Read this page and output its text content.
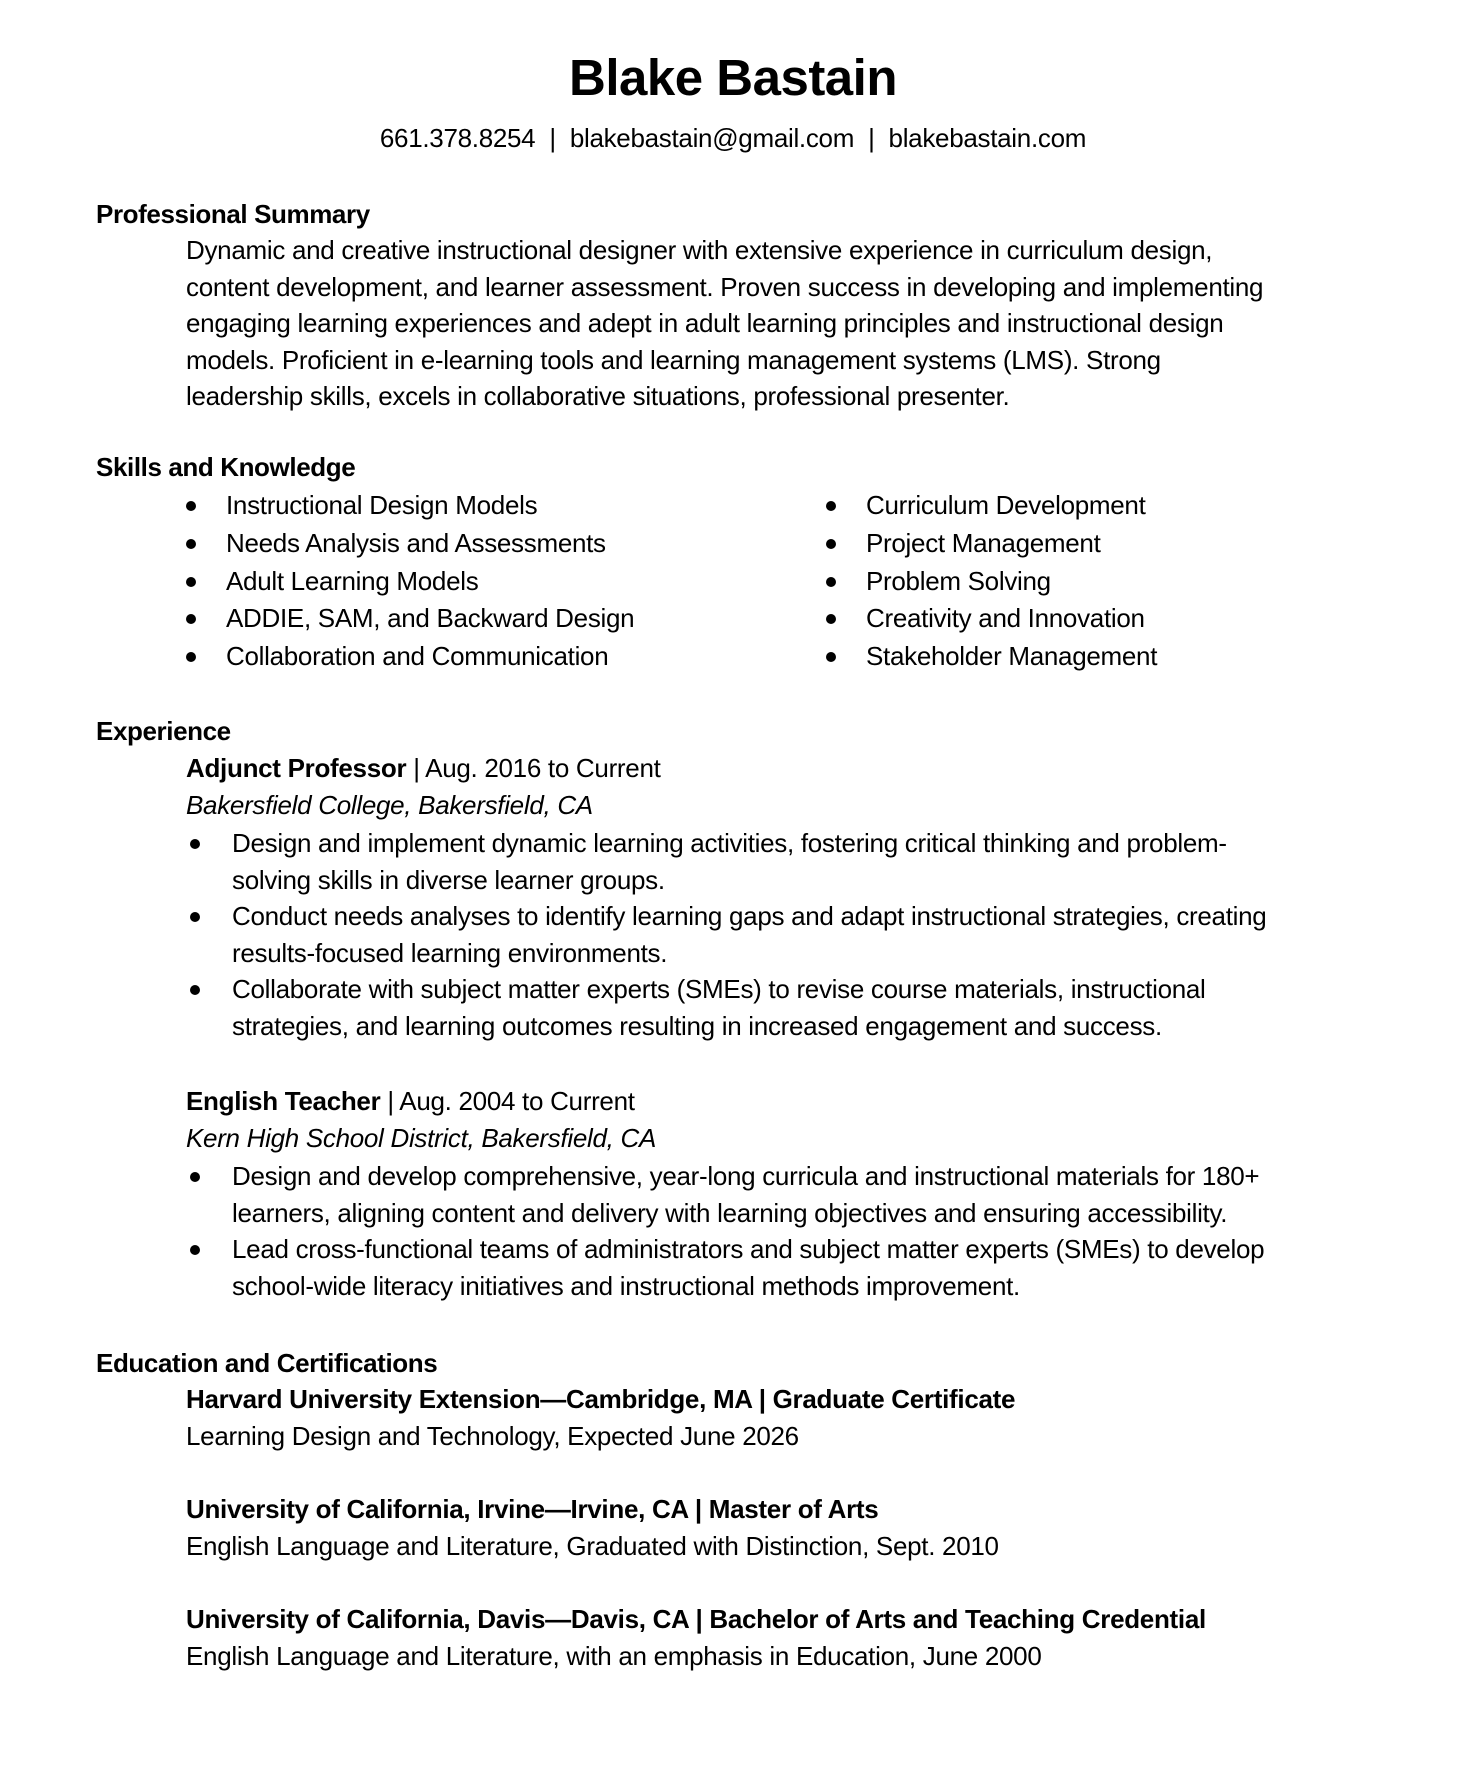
Blake Bastain
661.378.8254 | blakebastain@gmail.com | blakebastain.com
Professional Summary
Dynamic and creative instructional designer with extensive experience in curriculum design,
content development, and learner assessment. Proven success in developing and implementing
engaging learning experiences and adept in adult learning principles and instructional design
models. Proficient in e-learning tools and learning management systems (LMS). Strong
leadership skills, excels in collaborative situations, professional presenter.
Skills and Knowledge
Instructional Design Models
Needs Analysis and Assessments
Adult Learning Models
ADDIE, SAM, and Backward Design
Collaboration and Communication
Curriculum Development
Project Management
Problem Solving
Creativity and Innovation
Stakeholder Management
Experience
Adjunct Professor | Aug. 2016 to Current
Bakersfield College, Bakersfield, CA
Design and implement dynamic learning activities, fostering critical thinking and problem-
solving skills in diverse learner groups.
Conduct needs analyses to identify learning gaps and adapt instructional strategies, creating
results-focused learning environments.
Collaborate with subject matter experts (SMEs) to revise course materials, instructional
strategies, and learning outcomes resulting in increased engagement and success.
English Teacher | Aug. 2004 to Current
Kern High School District, Bakersfield, CA
Design and develop comprehensive, year-long curricula and instructional materials for 180+
learners, aligning content and delivery with learning objectives and ensuring accessibility.
Lead cross-functional teams of administrators and subject matter experts (SMEs) to develop
school-wide literacy initiatives and instructional methods improvement.
Education and Certifications
Harvard University Extension—Cambridge, MA | Graduate Certificate
Learning Design and Technology, Expected June 2026
University of California, Irvine—Irvine, CA | Master of Arts
English Language and Literature, Graduated with Distinction, Sept. 2010
University of California, Davis—Davis, CA | Bachelor of Arts and Teaching Credential
English Language and Literature, with an emphasis in Education, June 2000
